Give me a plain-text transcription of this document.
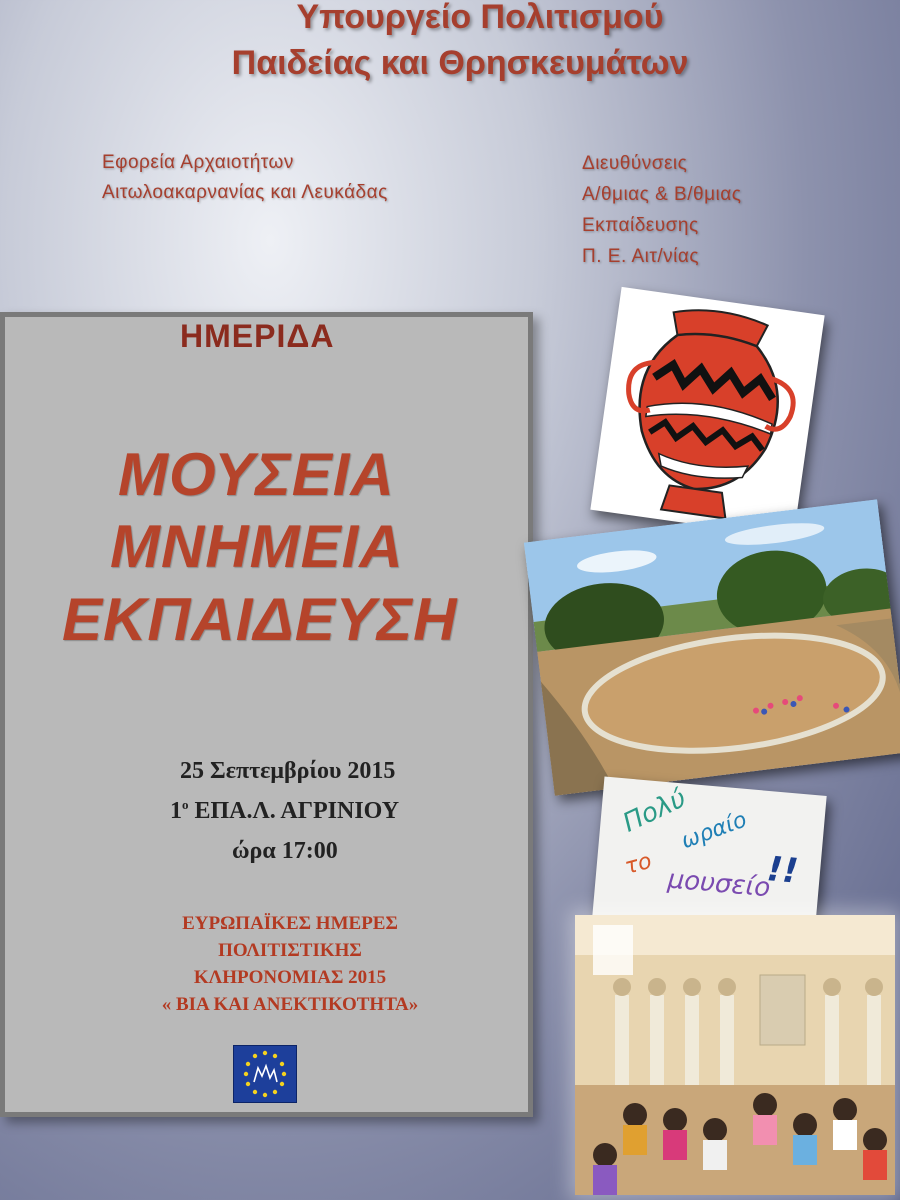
Υπουργείο Πολιτισμού
Παιδείας και Θρησκευμάτων
Εφορεία Αρχαιοτήτων
Αιτωλοακαρνανίας και Λευκάδας
Διευθύνσεις
Α/θμιας & Β/θμιας
Εκπαίδευσης
Π. Ε. Αιτ/νίας
ΗΜΕΡΙΔΑ
ΜΟΥΣΕΙΑ
ΜΝΗΜΕΙΑ
ΕΚΠΑΙΔΕΥΣΗ
25 Σεπτεμβρίου 2015
$1^o$ ΕΠΑ.Λ. ΑΓΡΙΝΙΟΥ
ώρα 17:00
ΕΥΡΩΠΑΪΚΕΣ ΗΜΕΡΕΣ
ΠΟΛΙΤΙΣΤΙΚΗΣ
ΚΛΗΡΟΝΟΜΙΑΣ 2015
« ΒΙΑ ΚΑΙ ΑΝΕΚΤΙΚΟΤΗΤΑ»
Πολύ
ωραίο
το
μουσείο
!!
